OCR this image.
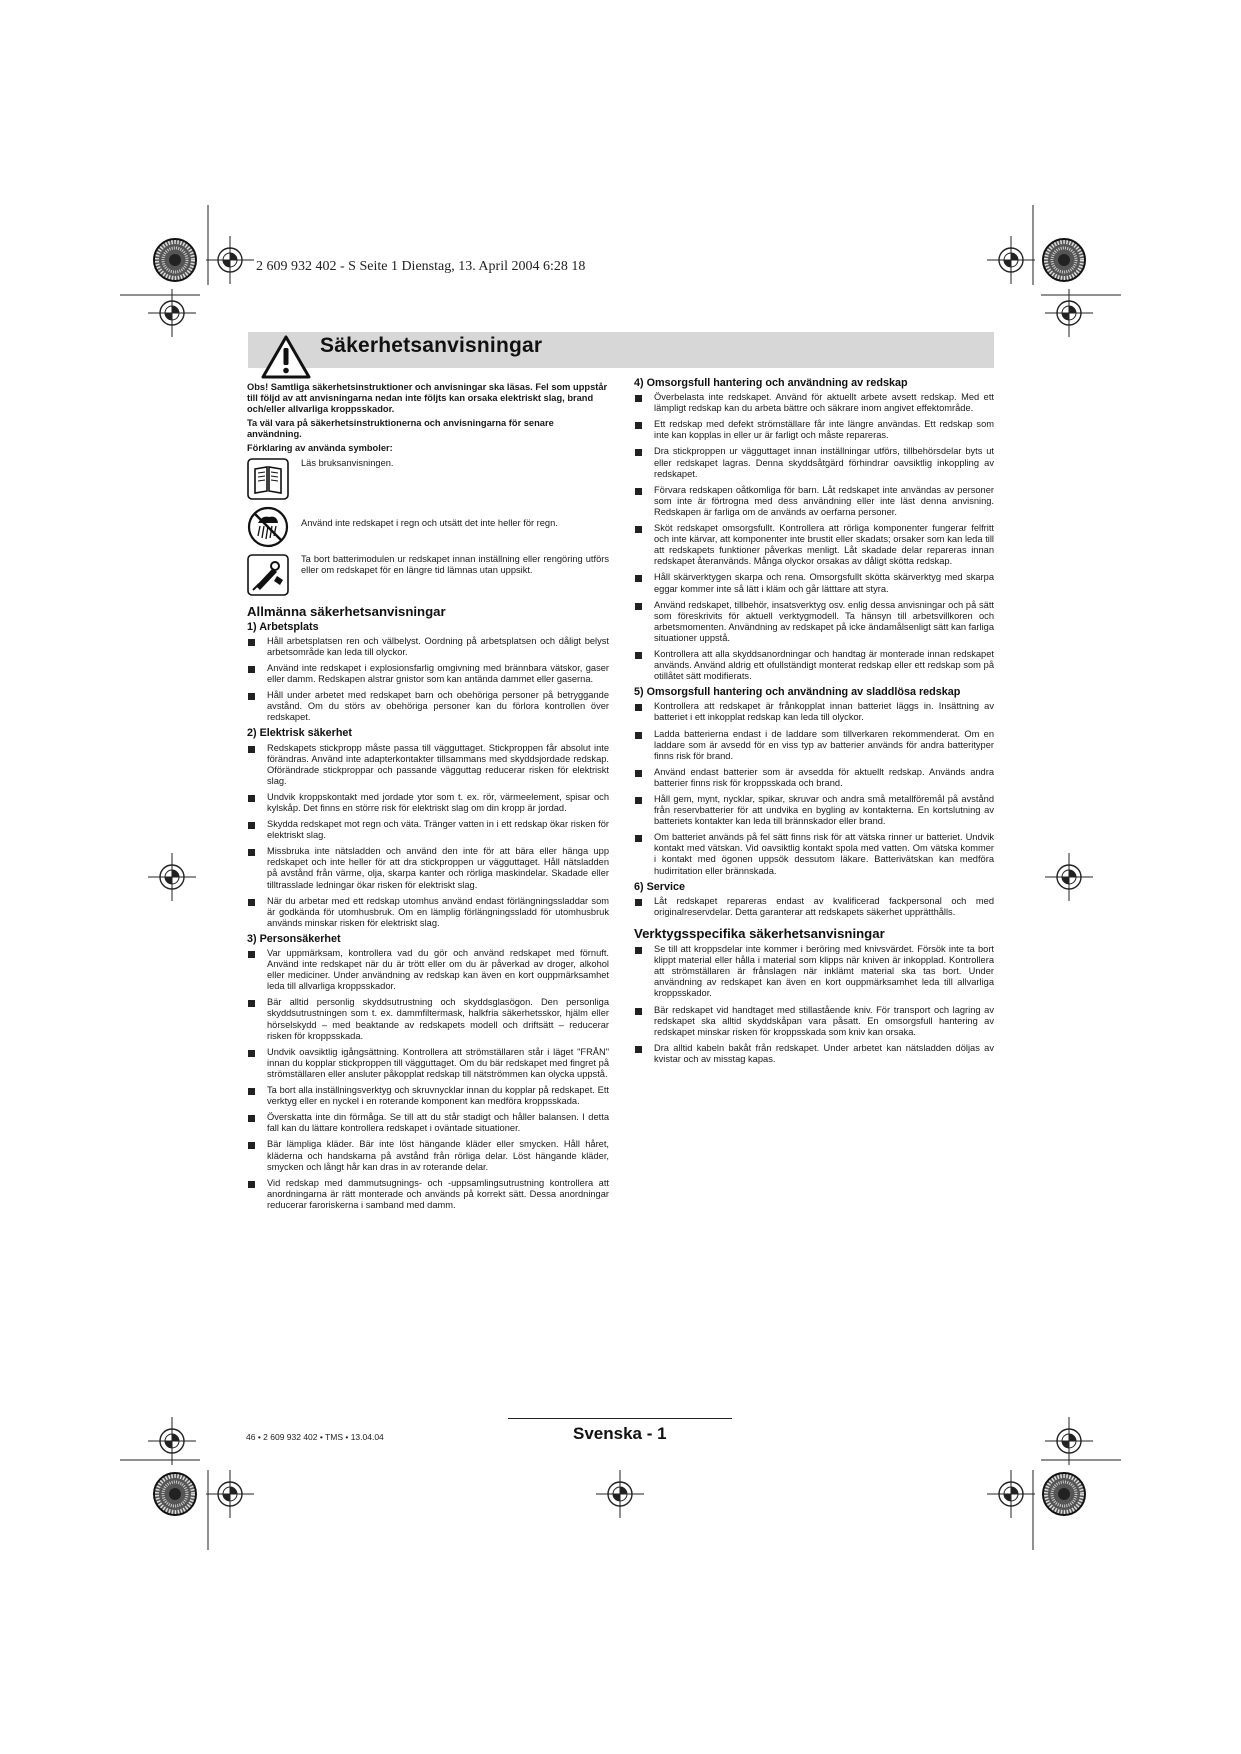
2 609 932 402 - S Seite 1 Dienstag, 13. April 2004 6:28 18
Säkerhetsanvisningar

Obs! Samtliga säkerhetsinstruktioner och anvisningar ska läsas. Fel som uppstår till följd av att anvisningarna nedan inte följts kan orsaka elektriskt slag, brand och/eller allvarliga kroppsskador.

Ta väl vara på säkerhetsinstruktionerna och anvisningarna för senare användning.

Förklaring av använda symboler:

Läs bruksanvisningen.
Använd inte redskapet i regn och utsätt det inte heller för regn.
Ta bort batterimodulen ur redskapet innan inställning eller rengöring utförs eller om redskapet för en längre tid lämnas utan uppsikt.
Allmänna säkerhetsanvisningar
1) Arbetsplats
Håll arbetsplatsen ren och välbelyst. Oordning på arbetsplatsen och dåligt belyst arbetsområde kan leda till olyckor.
Använd inte redskapet i explosionsfarlig omgivning med brännbara vätskor, gaser eller damm. Redskapen alstrar gnistor som kan antända dammet eller gaserna.
Håll under arbetet med redskapet barn och obehöriga personer på betryggande avstånd. Om du störs av obehöriga personer kan du förlora kontrollen över redskapet.
2) Elektrisk säkerhet
Redskapets stickpropp måste passa till vägguttaget. Stickproppen får absolut inte förändras. Använd inte adapterkontakter tillsammans med skyddsjordade redskap. Oförändrade stickproppar och passande vägguttag reducerar risken för elektriskt slag.
Undvik kroppskontakt med jordade ytor som t. ex. rör, värmeelement, spisar och kylskåp. Det finns en större risk för elektriskt slag om din kropp är jordad.
Skydda redskapet mot regn och väta. Tränger vatten in i ett redskap ökar risken för elektriskt slag.
Missbruka inte nätsladden och använd den inte för att bära eller hänga upp redskapet och inte heller för att dra stickproppen ur vägguttaget. Håll nätsladden på avstånd från värme, olja, skarpa kanter och rörliga maskindelar. Skadade eller tilltrasslade ledningar ökar risken för elektriskt slag.
När du arbetar med ett redskap utomhus använd endast förlängningssladdar som är godkända för utomhusbruk. Om en lämplig förlängningssladd för utomhusbruk används minskar risken för elektriskt slag.
3) Personsäkerhet
Var uppmärksam, kontrollera vad du gör och använd redskapet med förnuft. Använd inte redskapet när du är trött eller om du är påverkad av droger, alkohol eller mediciner. Under användning av redskap kan även en kort ouppmärksamhet leda till allvarliga kroppsskador.
Bär alltid personlig skyddsutrustning och skyddsglasögon. Den personliga skyddsutrustningen som t. ex. dammfiltermask, halkfria säkerhetsskor, hjälm eller hörselskydd – med beaktande av redskapets modell och driftsätt – reducerar risken för kroppsskada.
Undvik oavsiktlig igångsättning. Kontrollera att strömställaren står i läget "FRÅN" innan du kopplar stickproppen till vägguttaget. Om du bär redskapet med fingret på strömställaren eller ansluter påkopplat redskap till nätströmmen kan olycka uppstå.
Ta bort alla inställningsverktyg och skruvnycklar innan du kopplar på redskapet. Ett verktyg eller en nyckel i en roterande komponent kan medföra kroppsskada.
Överskatta inte din förmåga. Se till att du står stadigt och håller balansen. I detta fall kan du lättare kontrollera redskapet i oväntade situationer.
Bär lämpliga kläder. Bär inte löst hängande kläder eller smycken. Håll håret, kläderna och handskarna på avstånd från rörliga delar. Löst hängande kläder, smycken och långt hår kan dras in av roterande delar.
Vid redskap med dammutsugnings- och -uppsamlingsutrustning kontrollera att anordningarna är rätt monterade och används på korrekt sätt. Dessa anordningar reducerar faroriskerna i samband med damm.
4) Omsorgsfull hantering och användning av redskap
Överbelasta inte redskapet. Använd för aktuellt arbete avsett redskap. Med ett lämpligt redskap kan du arbeta bättre och säkrare inom angivet effektområde.
Ett redskap med defekt strömställare får inte längre användas. Ett redskap som inte kan kopplas in eller ur är farligt och måste repareras.
Dra stickproppen ur vägguttaget innan inställningar utförs, tillbehörsdelar byts ut eller redskapet lagras. Denna skyddsåtgärd förhindrar oavsiktlig inkoppling av redskapet.
Förvara redskapen oåtkomliga för barn. Låt redskapet inte användas av personer som inte är förtrogna med dess användning eller inte läst denna anvisning. Redskapen är farliga om de används av oerfarna personer.
Sköt redskapet omsorgsfullt. Kontrollera att rörliga komponenter fungerar felfritt och inte kärvar, att komponenter inte brustit eller skadats; orsaker som kan leda till att redskapets funktioner påverkas menligt. Låt skadade delar repareras innan redskapet återanvänds. Många olyckor orsakas av dåligt skötta redskap.
Håll skärverktygen skarpa och rena. Omsorgsfullt skötta skärverktyg med skarpa eggar kommer inte så lätt i kläm och går lätttare att styra.
Använd redskapet, tillbehör, insatsverktyg osv. enlig dessa anvisningar och på sätt som föreskrivits för aktuell verktygmodell. Ta hänsyn till arbetsvillkoren och arbetsmomenten. Användning av redskapet på icke ändamålsenligt sätt kan farliga situationer uppstå.
Kontrollera att alla skyddsanordningar och handtag är monterade innan redskapet används. Använd aldrig ett ofullständigt monterat redskap eller ett redskap som på otillåtet sätt modifierats.
5) Omsorgsfull hantering och användning av sladdlösa redskap
Kontrollera att redskapet är frånkopplat innan batteriet läggs in. Insättning av batteriet i ett inkopplat redskap kan leda till olyckor.
Ladda batterierna endast i de laddare som tillverkaren rekommenderat. Om en laddare som är avsedd för en viss typ av batterier används för andra batterityper finns risk för brand.
Använd endast batterier som är avsedda för aktuellt redskap. Används andra batterier finns risk för kroppsskada och brand.
Håll gem, mynt, nycklar, spikar, skruvar och andra små metallföremål på avstånd från reservbatterier för att undvika en bygling av kontakterna. En kortslutning av batteriets kontakter kan leda till brännskador eller brand.
Om batteriet används på fel sätt finns risk för att vätska rinner ur batteriet. Undvik kontakt med vätskan. Vid oavsiktlig kontakt spola med vatten. Om vätska kommer i kontakt med ögonen uppsök dessutom läkare. Batterivätskan kan medföra hudirritation eller brännskada.
6) Service
Låt redskapet repareras endast av kvalificerad fackpersonal och med originalreservdelar. Detta garanterar att redskapets säkerhet upprätthålls.
Verktygsspecifika säkerhetsanvisningar
Se till att kroppsdelar inte kommer i beröring med knivsvärdet. Försök inte ta bort klippt material eller hålla i material som klipps när kniven är inkopplad. Kontrollera att strömställaren är frånslagen när inklämt material ska tas bort. Under användning av redskapet kan även en kort ouppmärksamhet leda till allvarliga kroppsskador.
Bär redskapet vid handtaget med stillastående kniv. För transport och lagring av redskapet ska alltid skyddskåpan vara påsatt. En omsorgsfull hantering av redskapet minskar risken för kroppsskada som kniv kan orsaka.
Dra alltid kabeln bakåt från redskapet. Under arbetet kan nätsladden döljas av kvistar och av misstag kapas.
46 • 2 609 932 402 • TMS • 13.04.04	Svenska - 1
